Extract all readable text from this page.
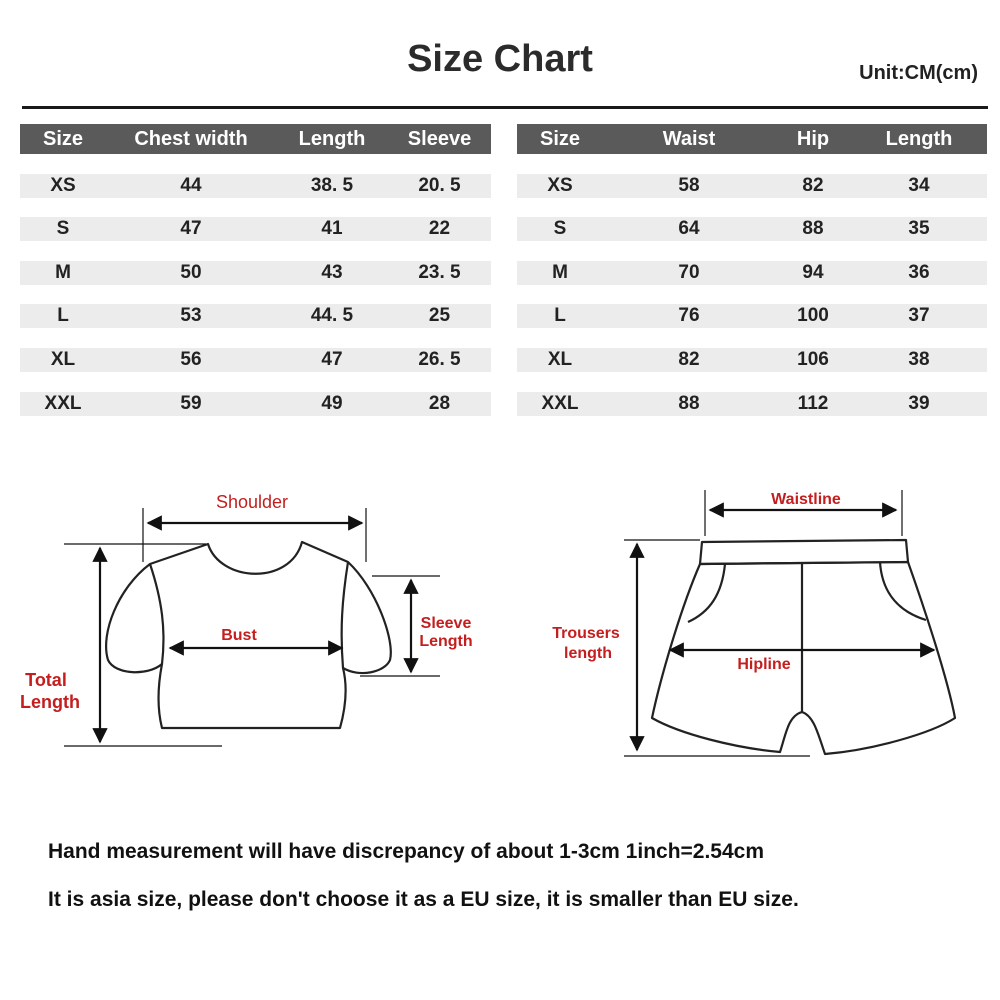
Size Chart	Unit:CM(cm)
Size	Chest width	Length	Sleeve
XS	44	38. 5	20. 5
S	47	41	22
M	50	43	23. 5
L	53	44. 5	25
XL	56	47	26. 5
XXL	59	49	28
Size	Waist	Hip	Length
XS	58	82	34
S	64	88	35
M	70	94	36
L	76	100	37
XL	82	106	38
XXL	88	112	39
Shoulder
Bust
Sleeve
Length
Total
Length
Waistline
Hipline
Trousers
length
Hand measurement will have discrepancy of about 1-3cm 1inch=2.54cm
It is asia size, please don't choose it as a EU size, it is smaller than EU size.
